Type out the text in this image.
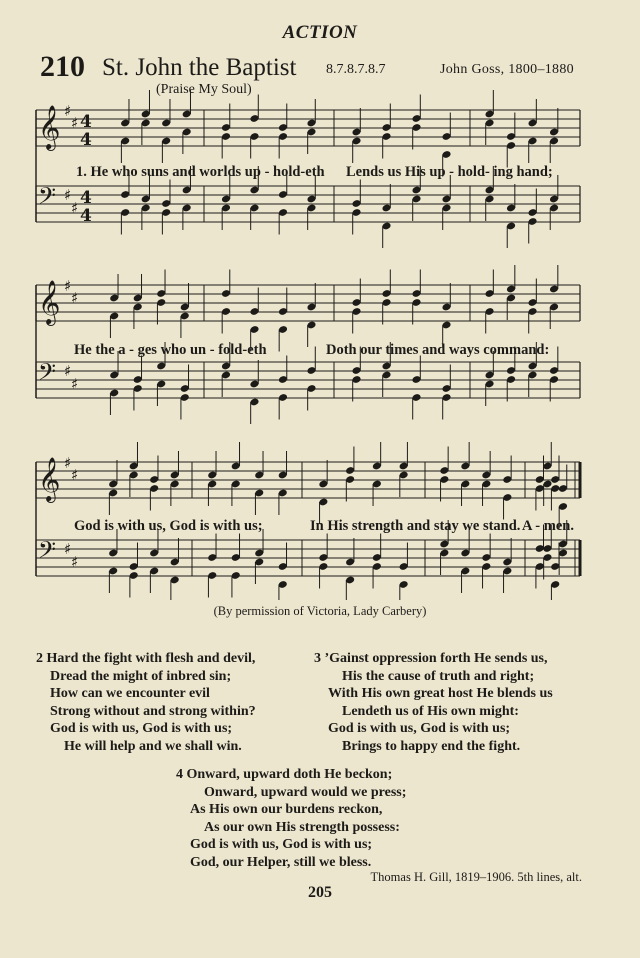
ACTION
210 St. John the Baptist 8.7.8.7.8.7	John Goss, 1800–1880
(Praise My Soul)
𝄞 ♯
♯ 4
4
𝄢 ♯
♯ 4
4
𝄞 ♯
♯
𝄢 ♯
♯
𝄞 ♯
♯
𝄢 ♯
♯
1. He who suns and worlds up - hold-eth Lends us His up - hold- ing hand;
He the a - ges who un - fold-eth	Doth our times and ways command:
God is with us, God is with us;	In His strength and stay we stand. A - men.
(By permission of Victoria, Lady Carbery)
2 Hard the fight with flesh and devil,
Dread the might of inbred sin;
How can we encounter evil
Strong without and strong within?
God is with us, God is with us;
He will help and we shall win.
3 ’Gainst oppression forth He sends us,
His the cause of truth and right;
With His own great host He blends us
Lendeth us of His own might:
God is with us, God is with us;
Brings to happy end the fight.
4 Onward, upward doth He beckon;
Onward, upward would we press;
As His own our burdens reckon,
As our own His strength possess:
God is with us, God is with us;
God, our Helper, still we bless.
Thomas H. Gill, 1819–1906. 5th lines, alt.
205
